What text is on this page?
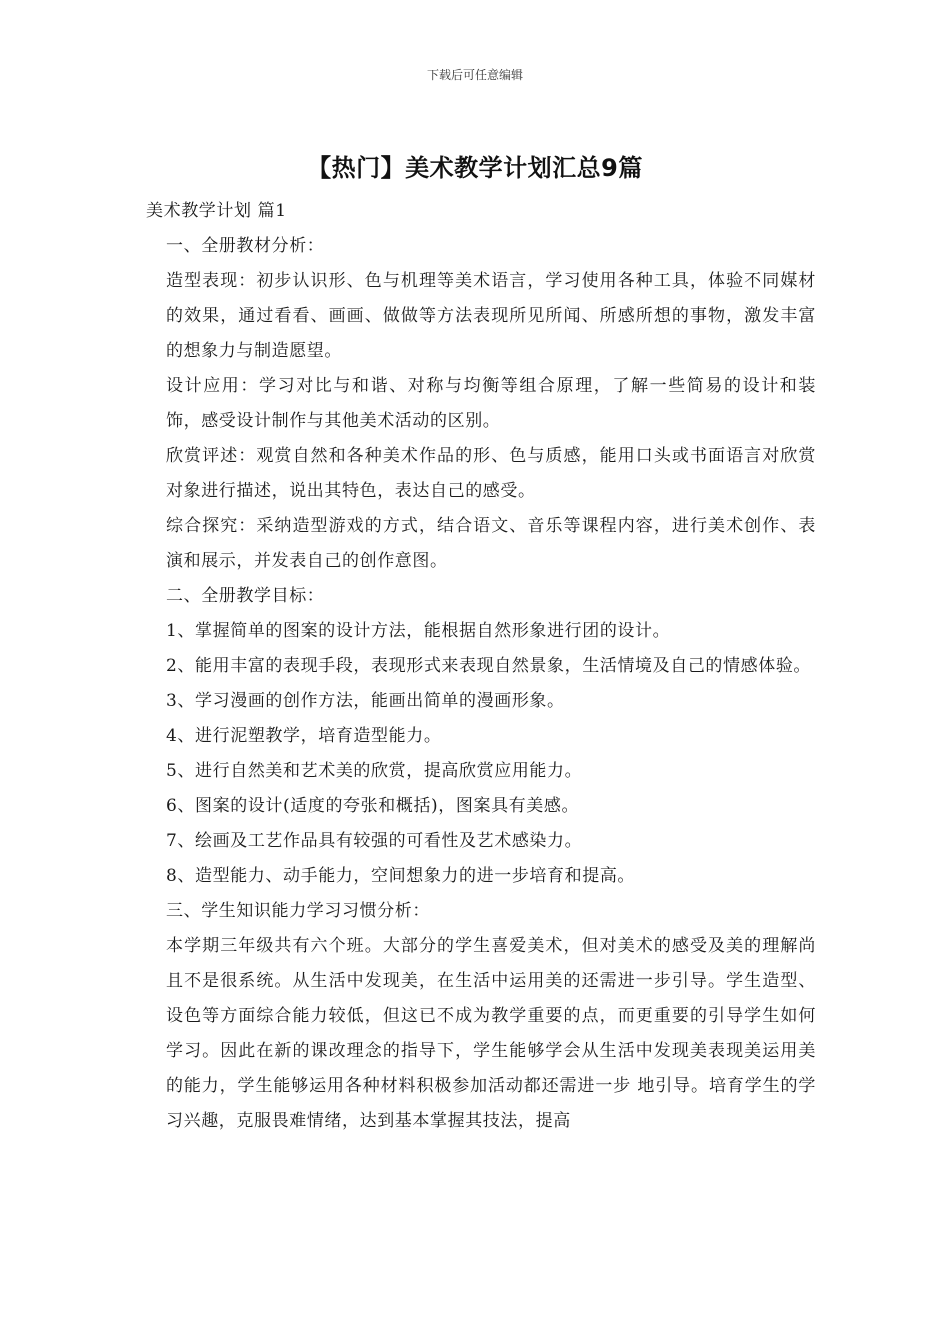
下载后可任意编辑
【热门】美术教学计划汇总9篇
美术教学计划 篇1
一、全册教材分析：
造型表现：初步认识形、色与机理等美术语言，学习使用各种工具，体验不同媒材的效果，通过看看、画画、做做等方法表现所见所闻、所感所想的事物，激发丰富的想象力与制造愿望。
设计应用：学习对比与和谐、对称与均衡等组合原理，了解一些简易的设计和装饰，感受设计制作与其他美术活动的区别。
欣赏评述：观赏自然和各种美术作品的形、色与质感，能用口头或书面语言对欣赏对象进行描述，说出其特色，表达自己的感受。
综合探究：采纳造型游戏的方式，结合语文、音乐等课程内容，进行美术创作、表演和展示，并发表自己的创作意图。
二、全册教学目标：
1、掌握简单的图案的设计方法，能根据自然形象进行团的设计。
2、能用丰富的表现手段，表现形式来表现自然景象，生活情境及自己的情感体验。
3、学习漫画的创作方法，能画出简单的漫画形象。
4、进行泥塑教学，培育造型能力。
5、进行自然美和艺术美的欣赏，提高欣赏应用能力。
6、图案的设计(适度的夸张和概括)，图案具有美感。
7、绘画及工艺作品具有较强的可看性及艺术感染力。
8、造型能力、动手能力，空间想象力的进一步培育和提高。
三、学生知识能力学习习惯分析：
本学期三年级共有六个班。大部分的学生喜爱美术，但对美术的感受及美的理解尚且不是很系统。从生活中发现美，在生活中运用美的还需进一步引导。学生造型、设色等方面综合能力较低，但这已不成为教学重要的点，而更重要的引导学生如何学习。因此在新的课改理念的指导下，学生能够学会从生活中发现美表现美运用美的能力，学生能够运用各种材料积极参加活动都还需进一步 地引导。培育学生的学习兴趣，克服畏难情绪，达到基本掌握其技法，提高
